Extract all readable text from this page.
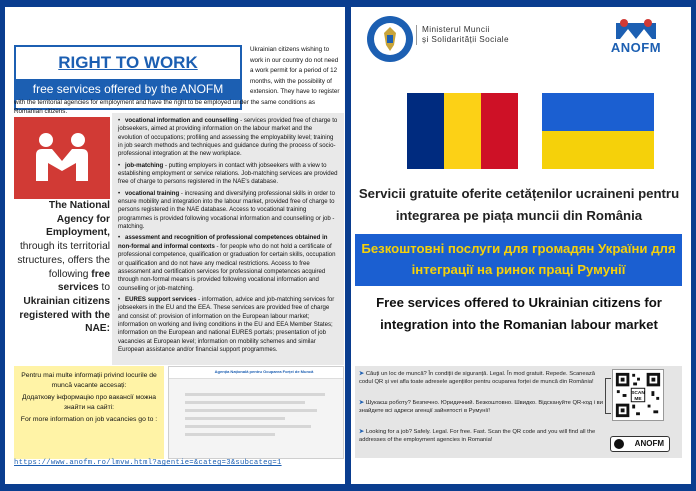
RIGHT TO WORK
free services offered by the ANOFM
Ukrainian citizens wishing to work in our country do not need a work permit for a period of 12 months, with the possibility of extension. They have to register
with the territorial agencies for employment and have the right to be employed under the same conditions as Romanian citizens.
The National Agency for Employment, through its territorial structures, offers the following free services to Ukrainian citizens registered with the NAE:

• vocational information and counselling - services provided free of charge to jobseekers, aimed at providing information on the labour market and the evolution of occupations; profiling and assessing the employability level; training in job search methods and techniques and guidance during the process of socio-professional integration at the new workplace.

• job-matching - putting employers in contact with jobseekers with a view to establishing employment or service relations. Job-matching services are provided free of charge to persons registered in the NAE's database.

• vocational training - increasing and diversifying professional skills in order to ensure mobility and integration into the labour market, provided free of charge to persons registered in the NAE database. Access to vocational training programmes is provided following vocational information and counselling or job -matching.

• assessment and recognition of professional competences obtained in non-formal and informal contexts - for people who do not hold a certificate of professional competence, qualification or graduation for certain skills, occupation or qualification and do not have any medical restrictions. Access to free assessment and certification services for professional competences acquired through non-formal means is provided following vocational information and counselling or job-matching.

• EURES support services - information, advice and job-matching services for jobseekers in the EU and the EEA. These services are provided free of charge and consist of: provision of information on the European labour market; information on working and living conditions in the EU and EEA Member States; information on the European and national EURES portals; presentation of job vacancies at European level; information on mobility schemes and similar European assistance and/or financial support programmes.

Pentru mai multe informații privind locurile de muncă vacante accesați:

Додаткову інформацію про вакансії можна знайти на сайті:

For more information on job vacancies go to :

Agenția Națională pentru Ocuparea Forței de Muncă
https://www.anofm.ro/lmvw.html?agentie=&categ=3&subcateg=1
Ministerul Muncii
și Solidarității Sociale
ANOFM
Servicii gratuite oferite cetățenilor ucraineni pentru integrarea pe piața muncii din România
Безкоштовні послуги для громадян України для інтеграції на ринок праці Румунії
Free services offered to Ukrainian citizens for integration into the Romanian labour market
➤ Căuți un loc de muncă? În condiții de siguranță. Legal. În mod gratuit. Repede. Scanează codul QR și vei afla toate adresele agențiilor pentru ocuparea forței de muncă din România!
➤ Шукаєш роботу? Безпечно. Юридичний. Безкоштовно. Швидко. Відскануйте QR-код і ви знайдете всі адреси агенції зайнятості в Румунії!
➤ Looking for a job? Safely. Legal. For free. Fast. Scan the QR code and you will find all the addresses of the employment agencies in Romania!
SCAN
ME
ANOFM
www.anofm.ro
